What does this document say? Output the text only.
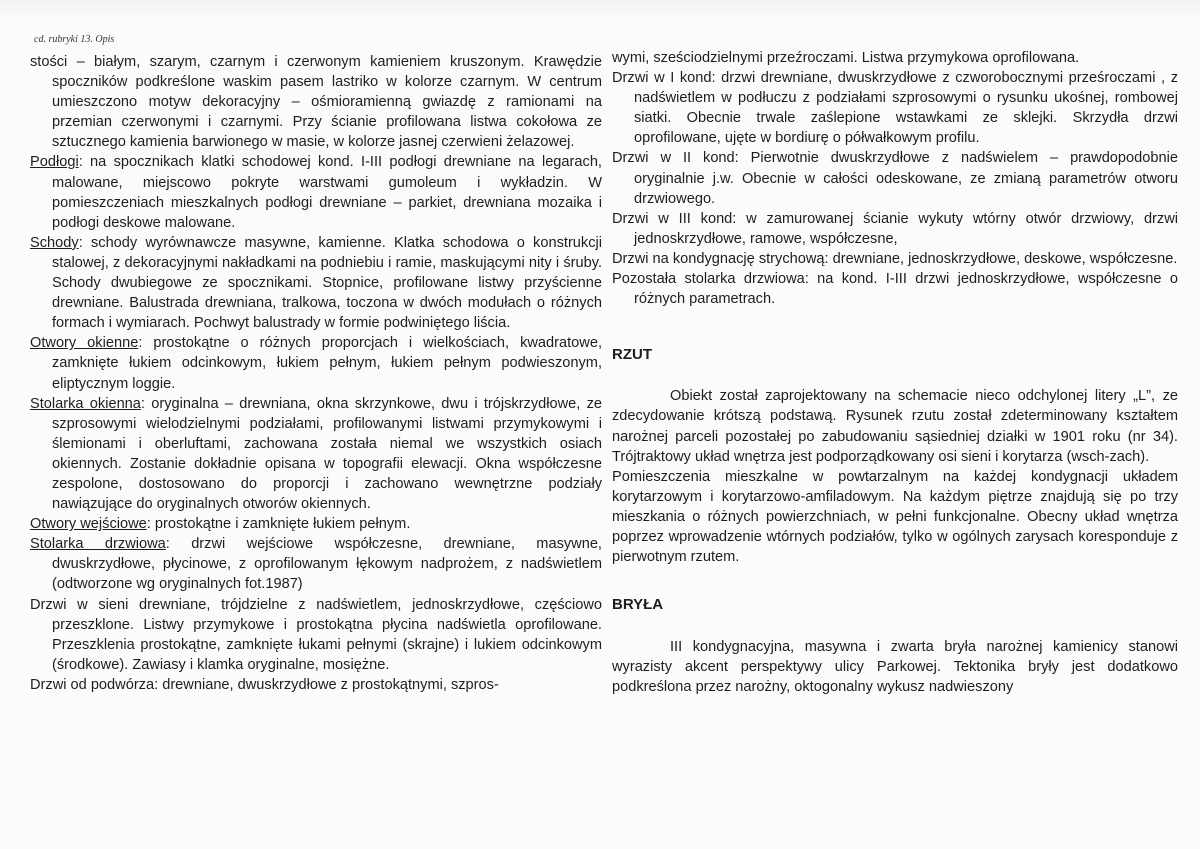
cd. rubryki 13. Opis

stości – białym, szarym, czarnym i czerwonym kamieniem kruszonym. Krawędzie spoczników podkreślone waskim pasem lastriko w kolorze czarnym. W centrum umieszczono motyw dekoracyjny – ośmioramienną gwiazdę z ramionami na przemian czerwonymi i czarnymi. Przy ścianie profilowana listwa cokołowa ze sztucznego kamienia barwionego w masie, w kolorze jasnej czerwieni żelazowej.

Podłogi: na spocznikach klatki schodowej kond. I-III podłogi drewniane na legarach, malowane, miejscowo pokryte warstwami gumoleum i wykładzin. W pomieszczeniach mieszkalnych podłogi drewniane – parkiet, drewniana mozaika i podłogi deskowe malowane.

Schody: schody wyrównawcze masywne, kamienne. Klatka schodowa o konstrukcji stalowej, z dekoracyjnymi nakładkami na podniebiu i ramie, maskującymi nity i śruby. Schody dwubiegowe ze spocznikami. Stopnice, profilowane listwy przyścienne drewniane. Balustrada drewniana, tralkowa, toczona w dwóch modułach o różnych formach i wymiarach. Pochwyt balustrady w formie podwiniętego liścia.

Otwory okienne: prostokątne o różnych proporcjach i wielkościach, kwadratowe, zamknięte łukiem odcinkowym, łukiem pełnym, łukiem pełnym podwieszonym, eliptycznym loggie.

Stolarka okienna: oryginalna – drewniana, okna skrzynkowe, dwu i trójskrzydłowe, ze szprosowymi wielodzielnymi podziałami, profilowanymi listwami przymykowymi i ślemionami i oberluftami, zachowana została niemal we wszystkich osiach okiennych. Zostanie dokładnie opisana w topografii elewacji. Okna współczesne zespolone, dostosowano do proporcji i zachowano wewnętrzne podziały nawiązujące do oryginalnych otworów okiennych.

Otwory wejściowe: prostokątne i zamknięte łukiem pełnym.

Stolarka drzwiowa: drzwi wejściowe współczesne, drewniane, masywne, dwuskrzydłowe, płycinowe, z oprofilowanym łękowym nadprożem, z nadświetlem (odtworzone wg oryginalnych fot.1987)

Drzwi w sieni drewniane, trójdzielne z nadświetlem, jednoskrzydłowe, częściowo przeszklone. Listwy przymykowe i prostokątna płycina nadświetla oprofilowane. Przeszklenia prostokątne, zamknięte łukami pełnymi (skrajne) i lukiem odcinkowym (środkowe). Zawiasy i klamka oryginalne, mosiężne.

Drzwi od podwórza: drewniane, dwuskrzydłowe z prostokątnymi, szpros-

wymi, sześciodzielnymi przeźroczami. Listwa przymykowa oprofilowana.

Drzwi w I kond: drzwi drewniane, dwuskrzydłowe z czworobocznymi prześroczami , z nadświetlem w podłuczu z podziałami szprosowymi o rysunku ukośnej, rombowej siatki. Obecnie trwale zaślepione wstawkami ze sklejki. Skrzydła drzwi oprofilowane, ujęte w bordiurę o półwałkowym profilu.

Drzwi w II kond: Pierwotnie dwuskrzydłowe z nadświelem – prawdopodobnie oryginalnie j.w. Obecnie w całości odeskowane, ze zmianą parametrów otworu drzwiowego.

Drzwi w III kond: w zamurowanej ścianie wykuty wtórny otwór drzwiowy, drzwi jednoskrzydłowe, ramowe, współczesne,

Drzwi na kondygnację strychową: drewniane, jednoskrzydłowe, deskowe, współczesne.

Pozostała stolarka drzwiowa: na kond. I-III drzwi jednoskrzydłowe, współczesne o różnych parametrach.

RZUT

Obiekt został zaprojektowany na schemacie nieco odchylonej litery „L”, ze zdecydowanie krótszą podstawą. Rysunek rzutu został zdeterminowany kształtem narożnej parceli pozostałej po zabudowaniu sąsiedniej działki w 1901 roku (nr 34). Trójtraktowy układ wnętrza jest podporządkowany osi sieni i korytarza (wsch-zach).

Pomieszczenia mieszkalne w powtarzalnym na każdej kondygnacji układem korytarzowym i korytarzowo-amfiladowym. Na każdym piętrze znajdują się po trzy mieszkania o różnych powierzchniach, w pełni funkcjonalne. Obecny układ wnętrza poprzez wprowadzenie wtórnych podziałów, tylko w ogólnych zarysach koresponduje z pierwotnym rzutem.

BRYŁA

III kondygnacyjna, masywna i zwarta bryła narożnej kamienicy stanowi wyrazisty akcent perspektywy ulicy Parkowej. Tektonika bryły jest dodatkowo podkreślona przez narożny, oktogonalny wykusz nadwieszony
